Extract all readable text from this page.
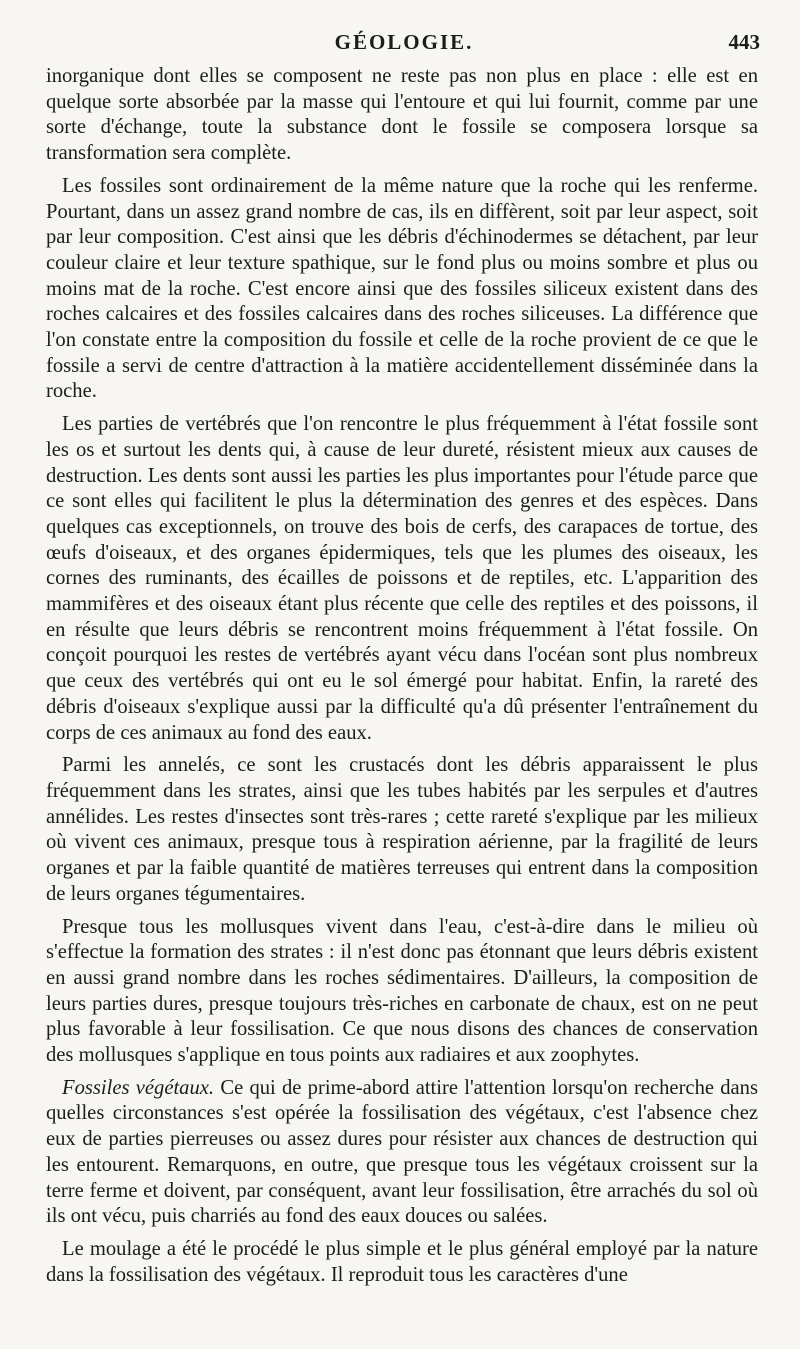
GÉOLOGIE.	443

inorganique dont elles se composent ne reste pas non plus en place : elle est en quelque sorte absorbée par la masse qui l'entoure et qui lui fournit, comme par une sorte d'échange, toute la substance dont le fossile se composera lorsque sa transformation sera complète.

Les fossiles sont ordinairement de la même nature que la roche qui les renferme. Pourtant, dans un assez grand nombre de cas, ils en diffèrent, soit par leur aspect, soit par leur composition. C'est ainsi que les débris d'échinodermes se détachent, par leur couleur claire et leur texture spathique, sur le fond plus ou moins sombre et plus ou moins mat de la roche. C'est encore ainsi que des fossiles siliceux existent dans des roches calcaires et des fossiles calcaires dans des roches siliceuses. La différence que l'on constate entre la composition du fossile et celle de la roche provient de ce que le fossile a servi de centre d'attraction à la matière accidentellement disséminée dans la roche.

Les parties de vertébrés que l'on rencontre le plus fréquemment à l'état fossile sont les os et surtout les dents qui, à cause de leur dureté, résistent mieux aux causes de destruction. Les dents sont aussi les parties les plus importantes pour l'étude parce que ce sont elles qui facilitent le plus la détermination des genres et des espèces. Dans quelques cas exceptionnels, on trouve des bois de cerfs, des carapaces de tortue, des œufs d'oiseaux, et des organes épidermiques, tels que les plumes des oiseaux, les cornes des ruminants, des écailles de poissons et de reptiles, etc. L'apparition des mammifères et des oiseaux étant plus récente que celle des reptiles et des poissons, il en résulte que leurs débris se rencontrent moins fréquemment à l'état fossile. On conçoit pourquoi les restes de vertébrés ayant vécu dans l'océan sont plus nombreux que ceux des vertébrés qui ont eu le sol émergé pour habitat. Enfin, la rareté des débris d'oiseaux s'explique aussi par la difficulté qu'a dû présenter l'entraînement du corps de ces animaux au fond des eaux.

Parmi les annelés, ce sont les crustacés dont les débris apparaissent le plus fréquemment dans les strates, ainsi que les tubes habités par les serpules et d'autres annélides. Les restes d'insectes sont très-rares ; cette rareté s'explique par les milieux où vivent ces animaux, presque tous à respiration aérienne, par la fragilité de leurs organes et par la faible quantité de matières terreuses qui entrent dans la composition de leurs organes tégumentaires.

Presque tous les mollusques vivent dans l'eau, c'est-à-dire dans le milieu où s'effectue la formation des strates : il n'est donc pas étonnant que leurs débris existent en aussi grand nombre dans les roches sédimentaires. D'ailleurs, la composition de leurs parties dures, presque toujours très-riches en carbonate de chaux, est on ne peut plus favorable à leur fossilisation. Ce que nous disons des chances de conservation des mollusques s'applique en tous points aux radiaires et aux zoophytes.

Fossiles végétaux. Ce qui de prime-abord attire l'attention lorsqu'on recherche dans quelles circonstances s'est opérée la fossilisation des végétaux, c'est l'absence chez eux de parties pierreuses ou assez dures pour résister aux chances de destruction qui les entourent. Remarquons, en outre, que presque tous les végétaux croissent sur la terre ferme et doivent, par conséquent, avant leur fossilisation, être arrachés du sol où ils ont vécu, puis charriés au fond des eaux douces ou salées.

Le moulage a été le procédé le plus simple et le plus général employé par la nature dans la fossilisation des végétaux. Il reproduit tous les caractères d'une
